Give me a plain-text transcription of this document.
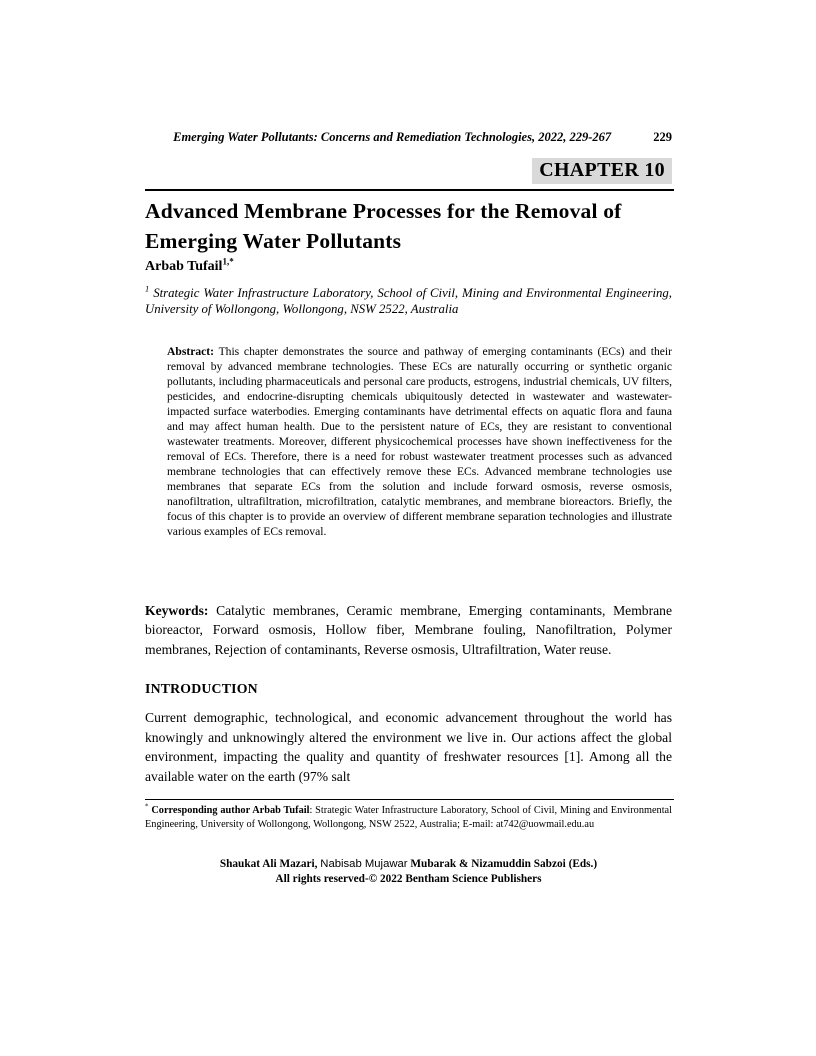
Emerging Water Pollutants: Concerns and Remediation Technologies, 2022, 229-267	229
CHAPTER 10
Advanced Membrane Processes for the Removal of Emerging Water Pollutants
Arbab Tufail$^{1,*}$
$^1$ Strategic Water Infrastructure Laboratory, School of Civil, Mining and Environmental Engineering, University of Wollongong, Wollongong, NSW 2522, Australia
Abstract: This chapter demonstrates the source and pathway of emerging contaminants (ECs) and their removal by advanced membrane technologies. These ECs are naturally occurring or synthetic organic pollutants, including pharmaceuticals and personal care products, estrogens, industrial chemicals, UV filters, pesticides, and endocrine-disrupting chemicals ubiquitously detected in wastewater and wastewater-impacted surface waterbodies. Emerging contaminants have detrimental effects on aquatic flora and fauna and may affect human health. Due to the persistent nature of ECs, they are resistant to conventional wastewater treatments. Moreover, different physicochemical processes have shown ineffectiveness for the removal of ECs. Therefore, there is a need for robust wastewater treatment processes such as advanced membrane technologies that can effectively remove these ECs. Advanced membrane technologies use membranes that separate ECs from the solution and include forward osmosis, reverse osmosis, nanofiltration, ultrafiltration, microfiltration, catalytic membranes, and membrane bioreactors. Briefly, the focus of this chapter is to provide an overview of different membrane separation technologies and illustrate various examples of ECs removal.
Keywords: Catalytic membranes, Ceramic membrane, Emerging contaminants, Membrane bioreactor, Forward osmosis, Hollow fiber, Membrane fouling, Nanofiltration, Polymer membranes, Rejection of contaminants, Reverse osmosis, Ultrafiltration, Water reuse.
INTRODUCTION
Current demographic, technological, and economic advancement throughout the world has knowingly and unknowingly altered the environment we live in. Our actions affect the global environment, impacting the quality and quantity of freshwater resources [1]. Among all the available water on the earth (97% salt
* Corresponding author Arbab Tufail: Strategic Water Infrastructure Laboratory, School of Civil, Mining and Environmental Engineering, University of Wollongong, Wollongong, NSW 2522, Australia; E-mail: at742@uowmail.edu.au
Shaukat Ali Mazari, Nabisab Mujawar Mubarak & Nizamuddin Sabzoi (Eds.)
All rights reserved-© 2022 Bentham Science Publishers
